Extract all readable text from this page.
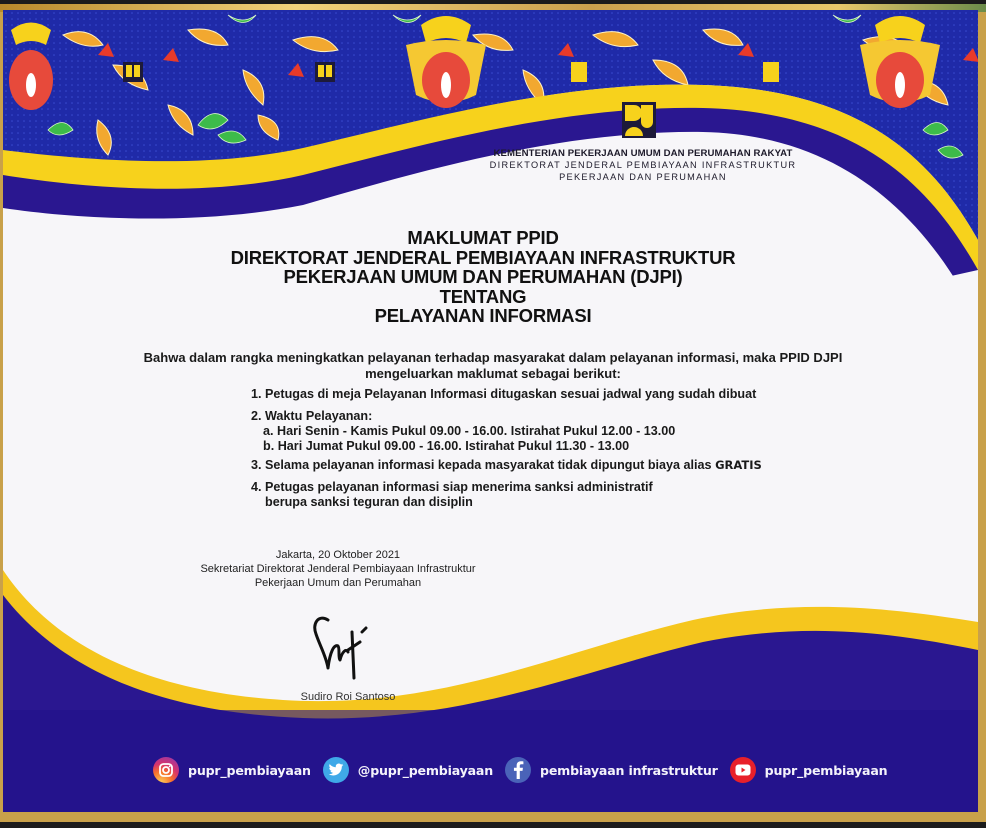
KEMENTERIAN PEKERJAAN UMUM DAN PERUMAHAN RAKYAT
DIREKTORAT JENDERAL PEMBIAYAAN INFRASTRUKTUR
PEKERJAAN DAN PERUMAHAN
MAKLUMAT PPID
DIREKTORAT JENDERAL PEMBIAYAAN INFRASTRUKTUR
PEKERJAAN UMUM DAN PERUMAHAN (DJPI)
TENTANG
PELAYANAN INFORMASI
Bahwa dalam rangka meningkatkan pelayanan terhadap masyarakat dalam pelayanan informasi, maka PPID DJPI
mengeluarkan maklumat sebagai berikut:
1. Petugas di meja Pelayanan Informasi ditugaskan sesuai jadwal yang sudah dibuat
2. Waktu Pelayanan:
a. Hari Senin - Kamis Pukul 09.00 - 16.00. Istirahat Pukul 12.00 - 13.00
b. Hari Jumat Pukul 09.00 - 16.00. Istirahat Pukul 11.30 - 13.00
3. Selama pelayanan informasi kepada masyarakat tidak dipungut biaya alias GRATIS
4. Petugas pelayanan informasi siap menerima sanksi administratif
berupa sanksi teguran dan disiplin
Jakarta, 20 Oktober 2021
Sekretariat Direktorat Jenderal Pembiayaan Infrastruktur
Pekerjaan Umum dan Perumahan
Sudiro Roi Santoso
pupr_pembiayaan	@pupr_pembiayaan	pembiayaan infrastruktur	pupr_pembiayaan
